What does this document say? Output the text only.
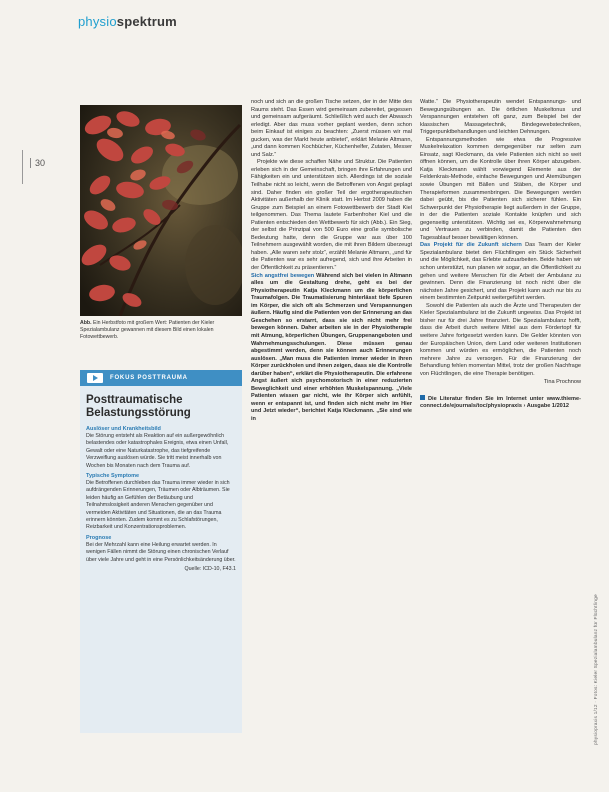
physiospektrum
30
Abb. Ein Herbstfoto mit großem Wert: Patienten der Kieler Spezialambulanz gewannen mit diesem Bild einen lokalen Fotowettbewerb.
FOKUS POSTTRAUMA
Posttraumatische Belastungsstörung
Auslöser und Krankheitsbild

Die Störung entsteht als Reaktion auf ein außergewöhnlich belastendes oder katastrophales Ereignis, etwa einen Unfall, Gewalt oder eine Naturkatastrophe, das tiefgreifende Verzweiflung auslösen würde. Sie tritt meist innerhalb von Wochen bis Monaten nach dem Trauma auf.

Typische Symptome

Die Betroffenen durchleben das Trauma immer wieder in sich aufdrängenden Erinnerungen, Träumen oder Albträumen. Sie leiden häufig an Gefühlen der Betäubung und Teilnahmslosigkeit anderen Menschen gegenüber und vermeiden Aktivitäten und Situationen, die an das Trauma erinnern könnten. Zudem kommt es zu Schlafstörungen, Reizbarkeit und Konzentrationsproblemen.

Prognose

Bei der Mehrzahl kann eine Heilung erwartet werden. In wenigen Fällen nimmt die Störung einen chronischen Verlauf über viele Jahre und geht in eine Persönlichkeitsänderung über.

Quelle: ICD-10, F43.1

noch und sich an die großen Tische setzen, der in der Mitte des Raums steht. Das Essen wird gemeinsam zubereitet, gegessen und gemeinsam aufgeräumt. Schließlich wird auch der Abwasch erledigt. Aber das muss vorher geplant werden, denn schon beim Einkauf ist einiges zu beachten: „Zuerst müssen wir mal gucken, was der Markt heute anbietet“, erklärt Melanie Altmann, „und dann kommen Kochbücher, Küchenhelfer, Zutaten, Messer und Salz.“

Projekte wie diese schaffen Nähe und Struktur. Die Patienten erleben sich in der Gemeinschaft, bringen ihre Erfahrungen und Fähigkeiten ein und unterstützen sich. Allerdings ist die soziale Teilhabe nicht so leicht, wenn die Betroffenen von Angst geplagt sind. Daher finden ein großer Teil der ergotherapeutischen Aktivitäten außerhalb der Klinik statt. Im Herbst 2009 haben die Gruppe zum Beispiel an einem Fotowettbewerb der Stadt Kiel teilgenommen. Das Thema lautete Farbenfroher Kiel und die Patienten entschieden den Wettbewerb für sich (Abb.). Ein Sieg, der selbst die Prinzipal von 500 Euro eine große symbolische Bedeutung hatte, denn die Gruppe war aus über 100 Teilnehmern ausgewählt worden, die mit ihren Bildern überzeugt haben. „Alle waren sehr stolz“, erzählt Melanie Altmann, „und für die Patienten war es sehr aufregend, sich und ihre Arbeiten in der Öffentlichkeit zu präsentieren.“

Sich angstfrei bewegen Während sich bei vielen in Altmann alles um die Gestaltung drehe, geht es bei der Physiotherapeutin Katja Kleckmann um die körperlichen Traumafolgen. Die Traumatisierung hinterlässt tiefe Spuren im Körper, die sich oft als Schmerzen und Verspannungen äußern. Häufig sind die Patienten von der Erinnerung an das Geschehen so erstarrt, dass sie sich nicht mehr frei bewegen können. Daher arbeiten sie in der Physiotherapie mit Atmung, körperlichen Übungen, Gruppenangeboten und Wahrnehmungsschulungen. Diese müssen genau abgestimmt werden, denn sie können auch Erinnerungen auslösen. „Man muss die Patienten immer wieder in ihren Körper zurückholen und ihnen zeigen, dass sie die Kontrolle darüber haben“, erklärt die Physiotherapeutin. Die erfahrene Angst äußert sich psychomotorisch in einer reduzierten Beweglichkeit und einer erhöhten Muskelspannung. „Viele Patienten wissen gar nicht, wie ihr Körper sich anfühlt, wenn er entspannt ist, und finden sich nicht mehr im Hier und Jetzt wieder“, berichtet Katja Kleckmann. „Sie sind wie in

Watte.“ Die Physiotherapeutin wendet Entspannungs- und Bewegungsübungen an. Die örtlichen Muskeltonus und Verspannungen entstehen oft ganz, zum Beispiel bei der klassischen Massagetechnik, Bindegewebstechniken, Triggerpunktbehandlungen und leichten Dehnungen.

Entspannungsmethoden wie etwa die Progressive Muskelrelaxation kommen demgegenüber nur selten zum Einsatz, sagt Kleckmann, da viele Patienten sich nicht so weit öffnen können, um die Kontrolle über ihren Körper abzugeben. Katja Kleckmann wählt vorwiegend Elemente aus der Feldenkrais-Methode, einfache Bewegungen und Atemübungen sowie Übungen mit Bällen und Stäben, die Körper und Therapieformen zusammenbringen. Die Bewegungen werden dabei geübt, bis die Patienten sich sicherer fühlen. Ein Schwerpunkt der Physiotherapie liegt außerdem in der Gruppe, in der die Patienten soziale Kontakte knüpfen und sich gegenseitig unterstützen. Wichtig sei es, Körperwahrnehmung und Vertrauen zu verbinden, damit die Patienten den Tagesablauf besser bewältigen können.

Das Projekt für die Zukunft sichern Das Team der Kieler Spezialambulanz bietet den Flüchtlingen ein Stück Sicherheit und die Möglichkeit, das Erlebte aufzuarbeiten. Beide haben wir schon unterstützt, nun planen wir sogar, an die Öffentlichkeit zu gehen und weitere Menschen für die Arbeit der Ambulanz zu gewinnen. Denn die Finanzierung ist noch nicht über die nächsten Jahre gesichert, und das Projekt kann auch nur bis zu einem bestimmten Zeitpunkt weitergeführt werden.

Sowohl die Patienten als auch die Ärzte und Therapeuten der Kieler Spezialambulanz ist die Zukunft ungewiss. Das Projekt ist bisher nur für drei Jahre finanziert. Die Spezialambulanz hofft, dass die Arbeit durch weitere Mittel aus dem Fördertopf für weitere Jahre fortgesetzt werden kann. Die Gelder könnten von der Europäischen Union, dem Land oder weiteren Institutionen kommen und würden es ermöglichen, die Patienten noch mehrere Jahre zu versorgen. Für die Finanzierung der Behandlung fehlen momentan Mittel, trotz der großen Nachfrage von Flüchtlingen, die eine Therapie benötigen.

Tina Prochnow

Die Literatur finden Sie im Internet unter www.thieme-connect.de/ejournals/toc/physiopraxis › Ausgabe 1/2012

physiopraxis 1/12 · Fotos: Kieler Spezialambulanz für Flüchtlinge
